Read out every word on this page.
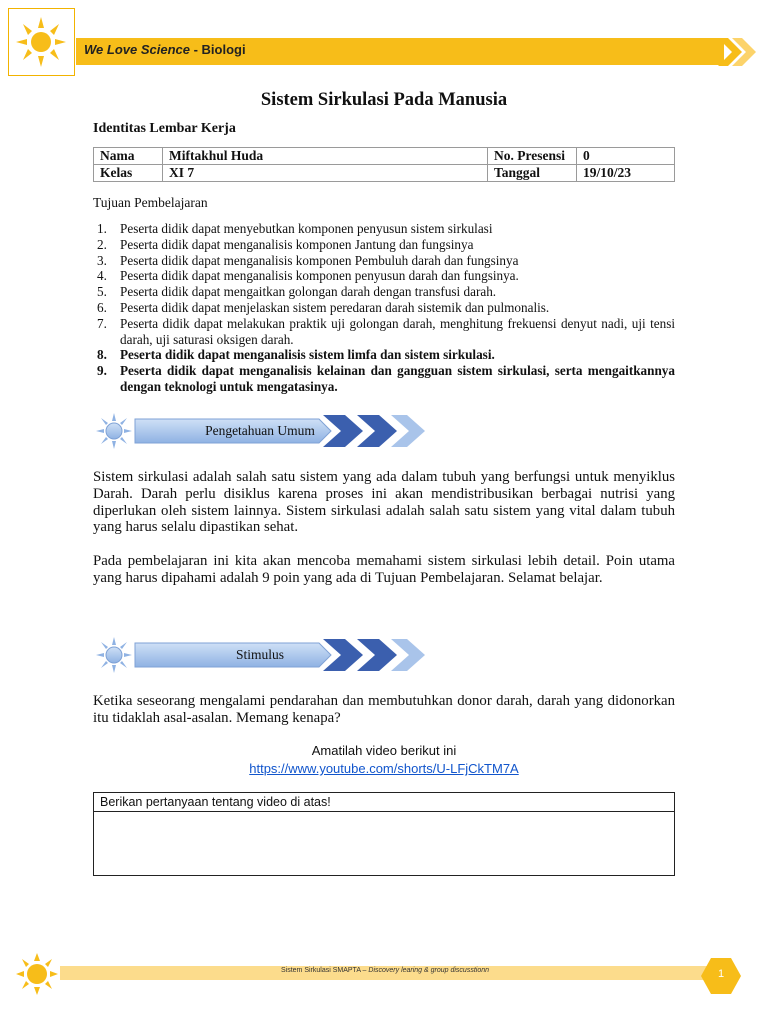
We Love Science - Biologi
Sistem Sirkulasi Pada Manusia
Identitas Lembar Kerja
Nama	Miftakhul Huda	No. Presensi	0
Kelas	XI 7	Tanggal	19/10/23
Tujuan Pembelajaran
1. Peserta didik dapat menyebutkan komponen penyusun sistem sirkulasi
2. Peserta didik dapat menganalisis komponen Jantung dan fungsinya
3. Peserta didik dapat menganalisis komponen Pembuluh darah dan fungsinya
4. Peserta didik dapat menganalisis komponen penyusun darah dan fungsinya.
5. Peserta didik dapat mengaitkan golongan darah dengan transfusi darah.
6. Peserta didik dapat menjelaskan sistem peredaran darah sistemik dan pulmonalis.
7. Peserta didik dapat melakukan praktik uji golongan darah, menghitung frekuensi denyut nadi, uji tensi darah, uji saturasi oksigen darah.
8. Peserta didik dapat menganalisis sistem limfa dan sistem sirkulasi.
9. Peserta didik dapat menganalisis kelainan dan gangguan sistem sirkulasi, serta mengaitkannya dengan teknologi untuk mengatasinya.
Pengetahuan Umum
Sistem sirkulasi adalah salah satu sistem yang ada dalam tubuh yang berfungsi untuk menyiklus Darah. Darah perlu disiklus karena proses ini akan mendistribusikan berbagai nutrisi yang diperlukan oleh sistem lainnya. Sistem sirkulasi adalah salah satu sistem yang vital dalam tubuh yang harus selalu dipastikan sehat.
Pada pembelajaran ini kita akan mencoba memahami sistem sirkulasi lebih detail. Poin utama yang harus dipahami adalah 9 poin yang ada di Tujuan Pembelajaran. Selamat belajar.
Stimulus
Ketika seseorang mengalami pendarahan dan membutuhkan donor darah, darah yang didonorkan itu tidaklah asal-asalan. Memang kenapa?
Amatilah video berikut ini
https://www.youtube.com/shorts/U-LFjCkTM7A
Berikan pertanyaan tentang video di atas!
Sistem Sirkulasi SMAPTA – Discovery learing & group discusstionn	1
